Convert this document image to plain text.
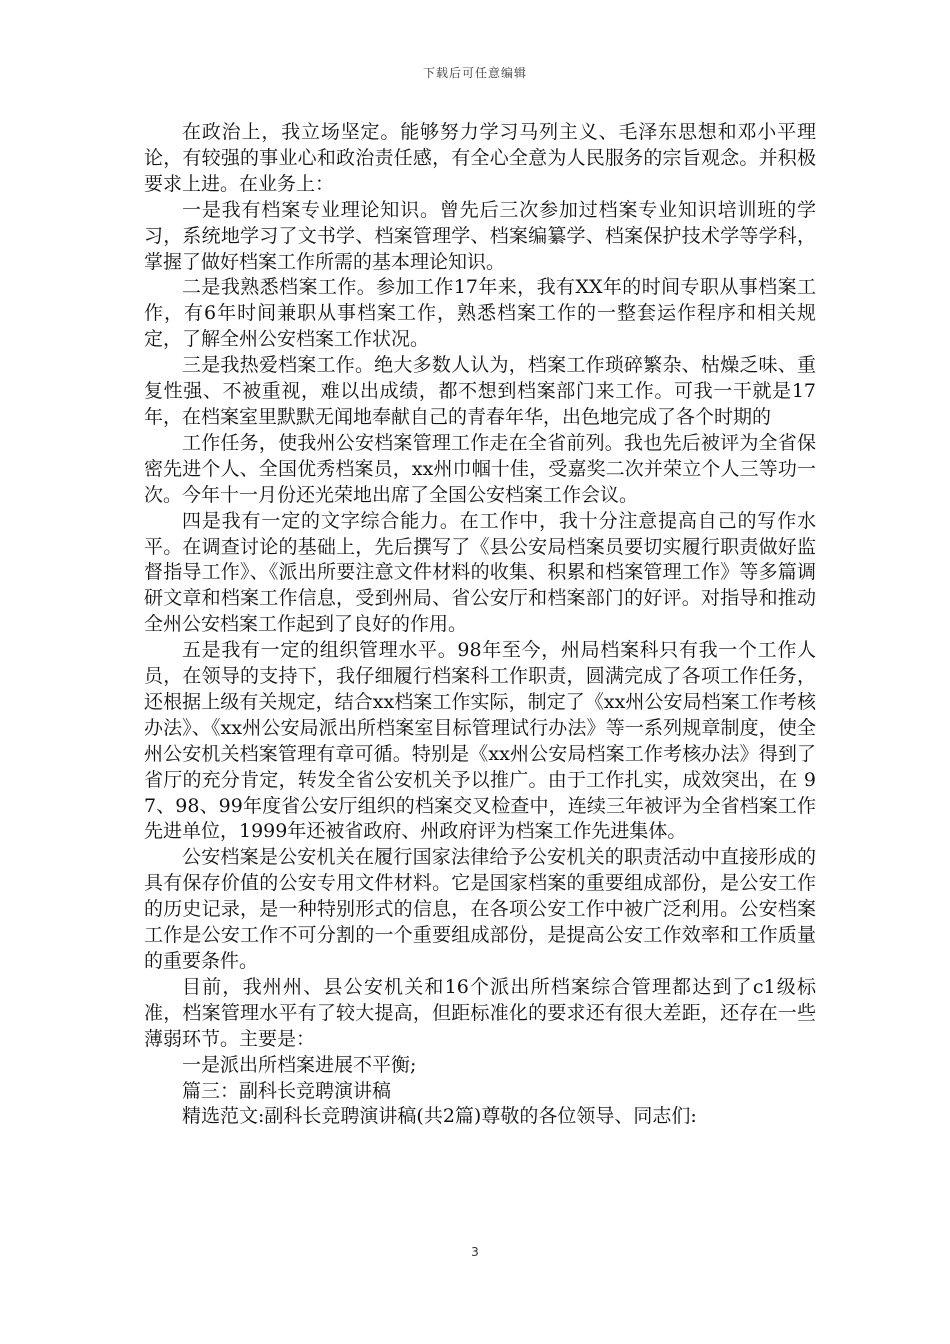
下载后可任意编辑

在政治上，我立场坚定。能够努力学习马列主义、毛泽东思想和邓小平理论，有较强的事业心和政治责任感，有全心全意为人民服务的宗旨观念。并积极要求上进。在业务上：

一是我有档案专业理论知识。曾先后三次参加过档案专业知识培训班的学习，系统地学习了文书学、档案管理学、档案编纂学、档案保护技术学等学科，掌握了做好档案工作所需的基本理论知识。

二是我熟悉档案工作。参加工作17年来，我有XX年的时间专职从事档案工作，有6年时间兼职从事档案工作，熟悉档案工作的一整套运作程序和相关规定，了解全州公安档案工作状况。

三是我热爱档案工作。绝大多数人认为，档案工作琐碎繁杂、枯燥乏味、重复性强、不被重视，难以出成绩，都不想到档案部门来工作。可我一干就是17年，在档案室里默默无闻地奉献自己的青春年华，出色地完成了各个时期的

工作任务，使我州公安档案管理工作走在全省前列。我也先后被评为全省保密先进个人、全国优秀档案员，xx州巾帼十佳，受嘉奖二次并荣立个人三等功一次。今年十一月份还光荣地出席了全国公安档案工作会议。

四是我有一定的文字综合能力。在工作中，我十分注意提高自己的写作水平。在调查讨论的基础上，先后撰写了《县公安局档案员要切实履行职责做好监督指导工作》、《派出所要注意文件材料的收集、积累和档案管理工作》等多篇调研文章和档案工作信息，受到州局、省公安厅和档案部门的好评。对指导和推动全州公安档案工作起到了良好的作用。

五是我有一定的组织管理水平。98年至今，州局档案科只有我一个工作人员，在领导的支持下，我仔细履行档案科工作职责，圆满完成了各项工作任务，还根据上级有关规定，结合xx档案工作实际，制定了《xx州公安局档案工作考核办法》、《xx州公安局派出所档案室目标管理试行办法》等一系列规章制度，使全州公安机关档案管理有章可循。特别是《xx州公安局档案工作考核办法》得到了省厅的充分肯定，转发全省公安机关予以推广。由于工作扎实，成效突出，在 97、98、99年度省公安厅组织的档案交叉检查中，连续三年被评为全省档案工作先进单位，1999年还被省政府、州政府评为档案工作先进集体。

公安档案是公安机关在履行国家法律给予公安机关的职责活动中直接形成的具有保存价值的公安专用文件材料。它是国家档案的重要组成部份，是公安工作的历史记录，是一种特别形式的信息，在各项公安工作中被广泛利用。公安档案工作是公安工作不可分割的一个重要组成部份，是提高公安工作效率和工作质量的重要条件。

目前，我州州、县公安机关和16个派出所档案综合管理都达到了c1级标准，档案管理水平有了较大提高，但距标准化的要求还有很大差距，还存在一些薄弱环节。主要是：

一是派出所档案进展不平衡;

篇三：副科长竞聘演讲稿

精选范文:副科长竞聘演讲稿(共2篇)尊敬的各位领导、同志们:

3
